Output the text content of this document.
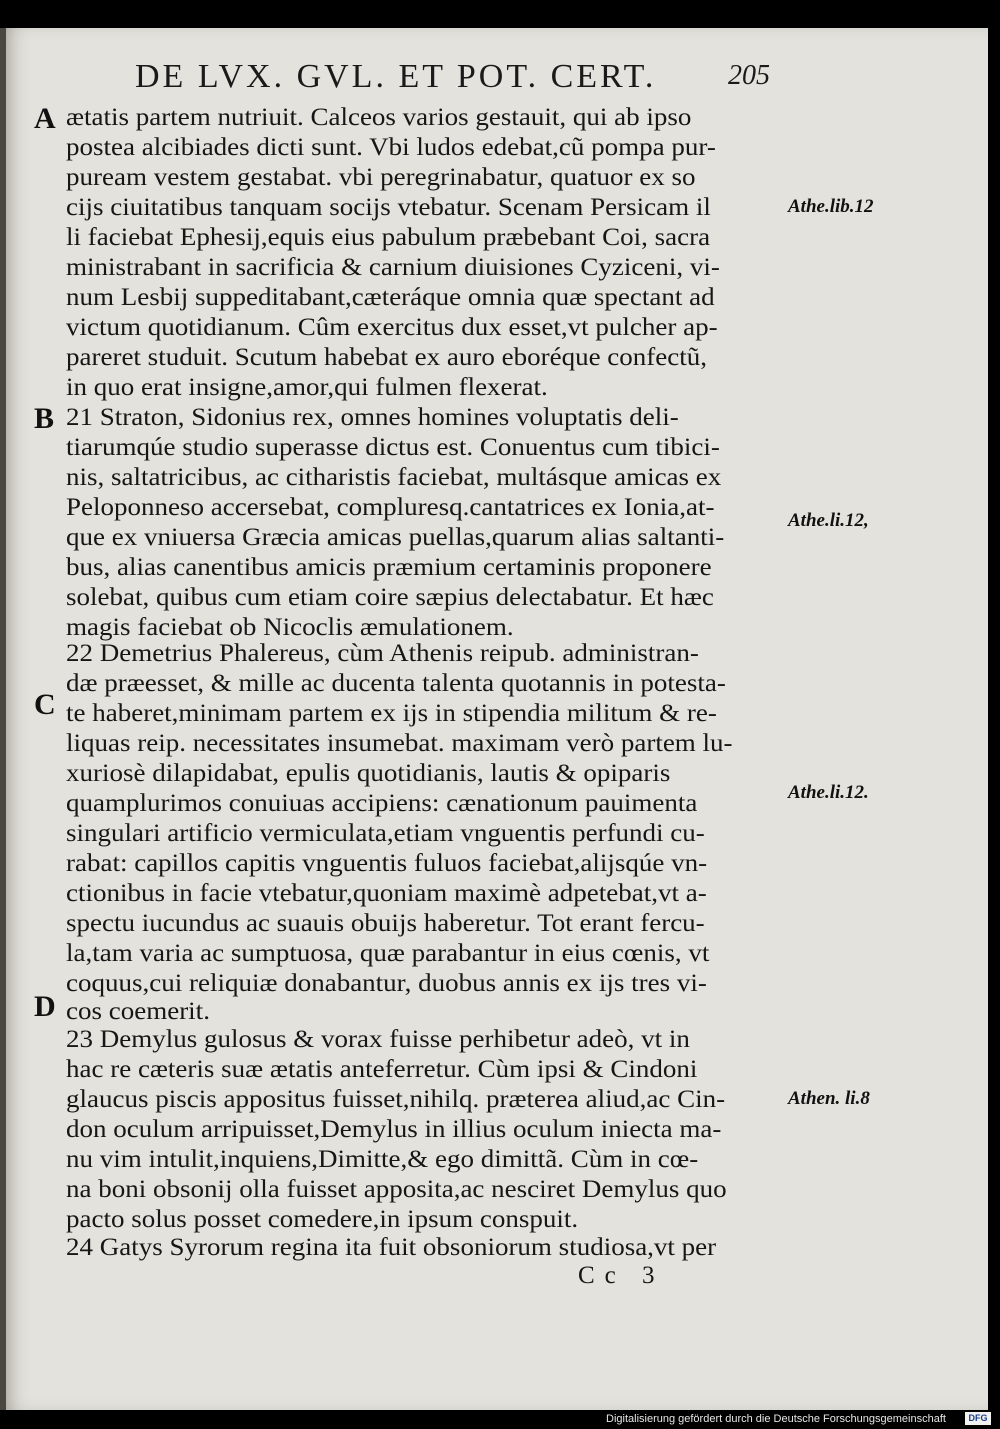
DE LVX. GVL. ET POT. CERT.	205
A
B
C
D
Athe.lib.12
Athe.li.12,
Athe.li.12.
Athen. li.8
ætatis partem nutriuit. Calceos varios gestauit, qui ab ipso
postea alcibiades dicti sunt. Vbi ludos edebat,cũ pompa pur-
puream vestem gestabat. vbi peregrinabatur, quatuor ex so
cijs ciuitatibus tanquam socijs vtebatur. Scenam Persicam il
li faciebat Ephesij,equis eius pabulum præbebant Coi, sacra
ministrabant in sacrificia & carnium diuisiones Cyziceni, vi-
num Lesbij suppeditabant,cæteráque omnia quæ spectant ad
victum quotidianum. Cûm exercitus dux esset,vt pulcher ap-
pareret studuit. Scutum habebat ex auro eboréque confectũ,
in quo erat insigne,amor,qui fulmen flexerat.
21 Straton, Sidonius rex, omnes homines voluptatis deli-
tiarumqúe studio superasse dictus est. Conuentus cum tibici-
nis, saltatricibus, ac citharistis faciebat, multásque amicas ex
Peloponneso accersebat, compluresq.cantatrices ex Ionia,at-
que ex vniuersa Græcia amicas puellas,quarum alias saltanti-
bus, alias canentibus amicis præmium certaminis proponere
solebat, quibus cum etiam coire sæpius delectabatur. Et hæc
magis faciebat ob Nicoclis æmulationem.
22 Demetrius Phalereus, cùm Athenis reipub. administran-
dæ præesset, & mille ac ducenta talenta quotannis in potesta-
te haberet,minimam partem ex ijs in stipendia militum & re-
liquas reip. necessitates insumebat. maximam verò partem lu-
xuriosè dilapidabat, epulis quotidianis, lautis & opiparis
quamplurimos conuiuas accipiens: cænationum pauimenta
singulari artificio vermiculata,etiam vnguentis perfundi cu-
rabat: capillos capitis vnguentis fuluos faciebat,alijsqúe vn-
ctionibus in facie vtebatur,quoniam maximè adpetebat,vt a-
spectu iucundus ac suauis obuijs haberetur. Tot erant fercu-
la,tam varia ac sumptuosa, quæ parabantur in eius cœnis, vt
coquus,cui reliquiæ donabantur, duobus annis ex ijs tres vi-
cos coemerit.
23 Demylus gulosus & vorax fuisse perhibetur adeò, vt in
hac re cæteris suæ ætatis anteferretur. Cùm ipsi & Cindoni
glaucus piscis appositus fuisset,nihilq. præterea aliud,ac Cin-
don oculum arripuisset,Demylus in illius oculum iniecta ma-
nu vim intulit,inquiens,Dimitte,& ego dimittã. Cùm in cœ-
na boni obsonij olla fuisset apposita,ac nesciret Demylus quo
pacto solus posset comedere,in ipsum conspuit.
24 Gatys Syrorum regina ita fuit obsoniorum studiosa,vt per
Cc 3
Digitalisierung gefördert durch die Deutsche Forschungsgemeinschaft	DFG
